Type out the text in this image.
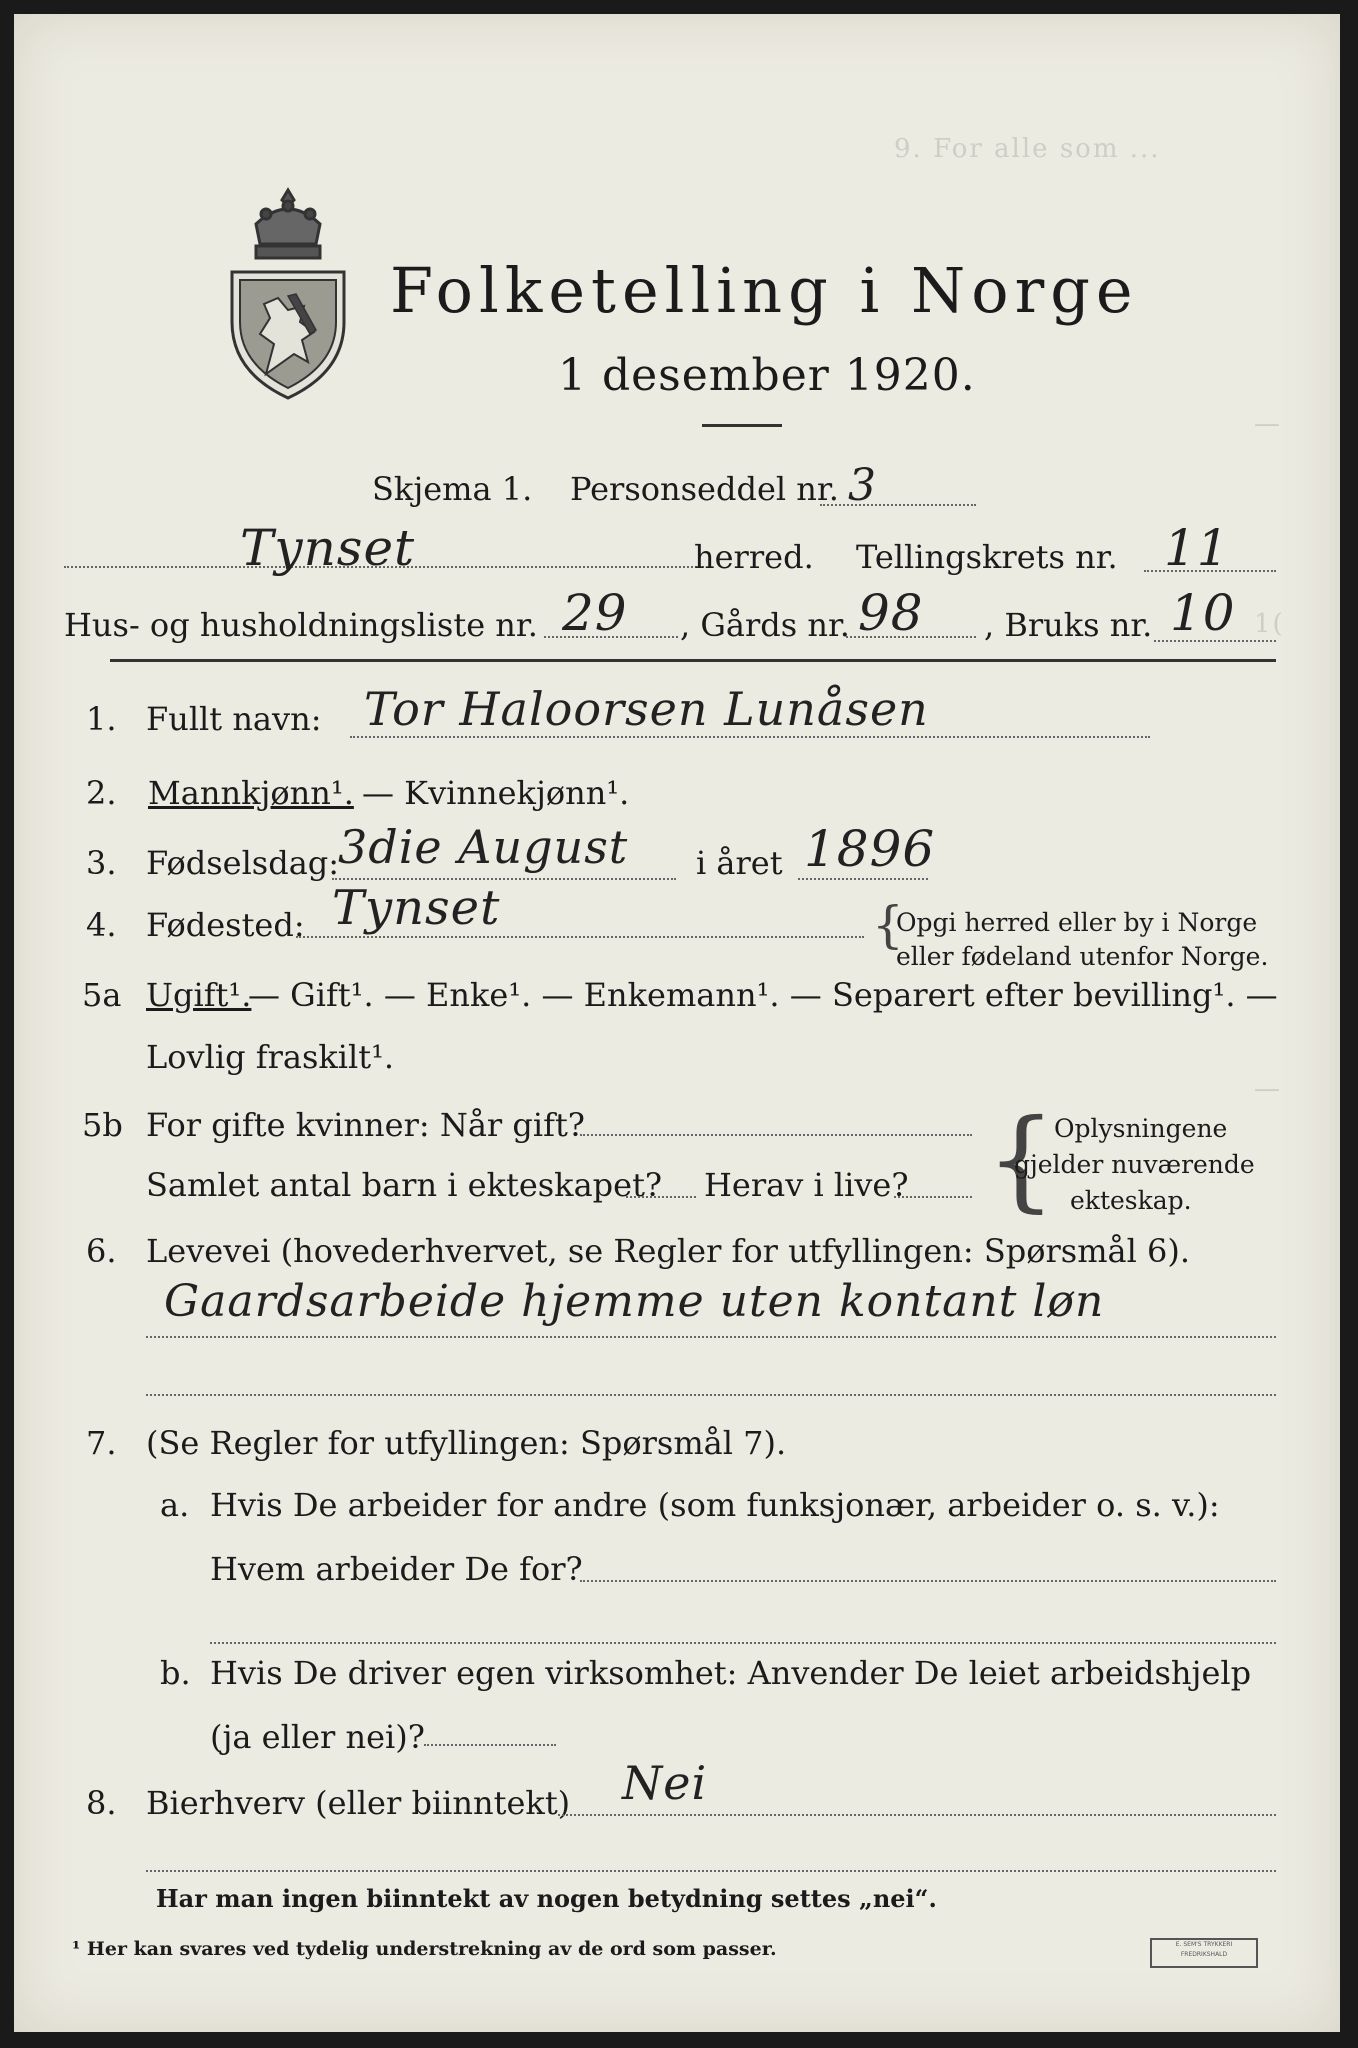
9. For alle som ...
—
1(
—
Folketelling i Norge
1 desember 1920.
Skjema 1. Personseddel nr. 3
Tynset	herred. Tellingskrets nr. 11
Hus- og husholdningsliste nr. 29 , Gårds nr. 98 , Bruks nr. 10
1. Fullt navn: Tor Haloorsen Lunåsen
2. Mannkjønn¹. — Kvinnekjønn¹.
3. Fødselsdag:
3die August i året 1896
4. Fødested: Tynset	{
Opgi herred eller by i Norge
eller fødeland utenfor Norge.
5a Ugift¹.
— Gift¹. — Enke¹. — Enkemann¹. — Separert efter bevilling¹. —
Lovlig fraskilt¹.
5b For gifte kvinner: Når gift?
Samlet antal barn i ekteskapet? Herav i live? {
Oplysningene
gjelder nuværende
ekteskap.
6. Levevei (hovederhvervet, se Regler for utfyllingen: Spørsmål 6).
Gaardsarbeide hjemme uten kontant løn
7. (Se Regler for utfyllingen: Spørsmål 7).
a. Hvis De arbeider for andre (som funksjonær, arbeider o. s. v.):
Hvem arbeider De for?
b. Hvis De driver egen virksomhet: Anvender De leiet arbeidshjelp
(ja eller nei)?
8. Bierhverv (eller biinntekt) Nei
Har man ingen biinntekt av nogen betydning settes „nei“.
¹ Her kan svares ved tydelig understrekning av de ord som passer.	E. SEM'S TRYKKERI
FREDRIKSHALD
